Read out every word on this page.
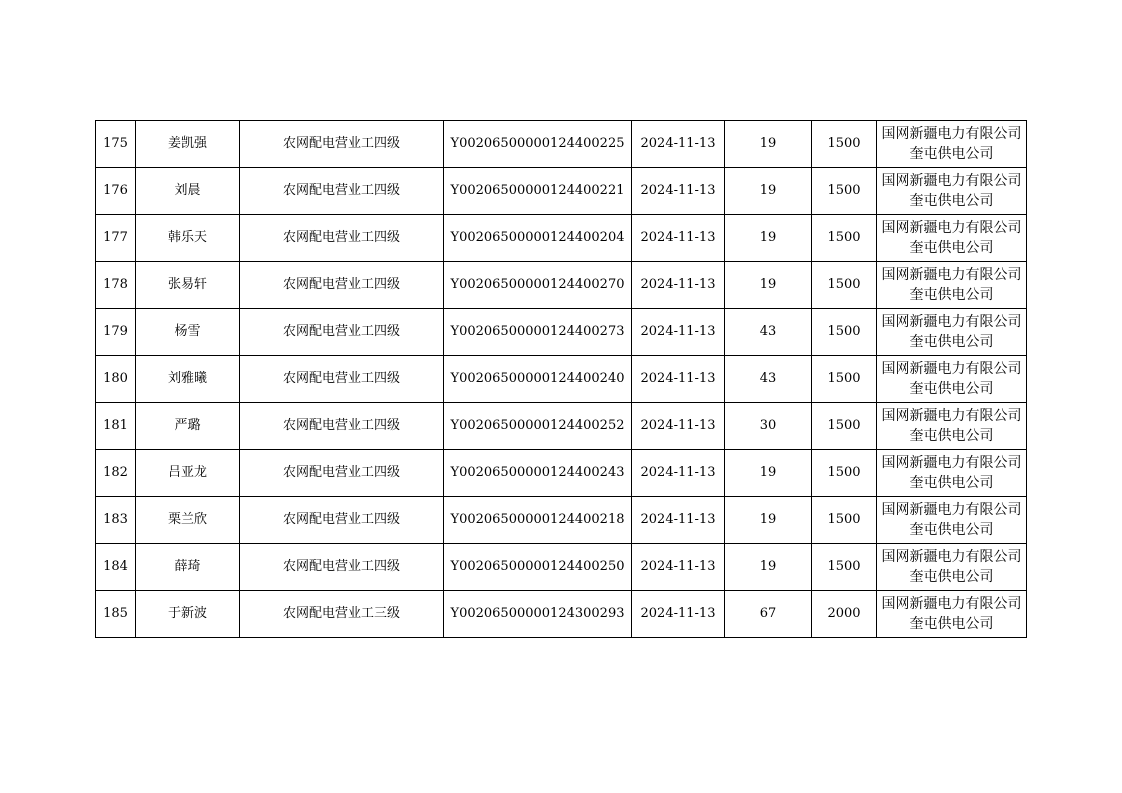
175	姜凯强	农网配电营业工四级	Y00206500000124400225	2024-11-13	19	1500	国网新疆电力有限公司奎屯供电公司
176	刘晨	农网配电营业工四级	Y00206500000124400221	2024-11-13	19	1500	国网新疆电力有限公司奎屯供电公司
177	韩乐天	农网配电营业工四级	Y00206500000124400204	2024-11-13	19	1500	国网新疆电力有限公司奎屯供电公司
178	张易轩	农网配电营业工四级	Y00206500000124400270	2024-11-13	19	1500	国网新疆电力有限公司奎屯供电公司
179	杨雪	农网配电营业工四级	Y00206500000124400273	2024-11-13	43	1500	国网新疆电力有限公司奎屯供电公司
180	刘雅曦	农网配电营业工四级	Y00206500000124400240	2024-11-13	43	1500	国网新疆电力有限公司奎屯供电公司
181	严璐	农网配电营业工四级	Y00206500000124400252	2024-11-13	30	1500	国网新疆电力有限公司奎屯供电公司
182	吕亚龙	农网配电营业工四级	Y00206500000124400243	2024-11-13	19	1500	国网新疆电力有限公司奎屯供电公司
183	栗兰欣	农网配电营业工四级	Y00206500000124400218	2024-11-13	19	1500	国网新疆电力有限公司奎屯供电公司
184	薛琦	农网配电营业工四级	Y00206500000124400250	2024-11-13	19	1500	国网新疆电力有限公司奎屯供电公司
185	于新波	农网配电营业工三级	Y00206500000124300293	2024-11-13	67	2000	国网新疆电力有限公司奎屯供电公司
